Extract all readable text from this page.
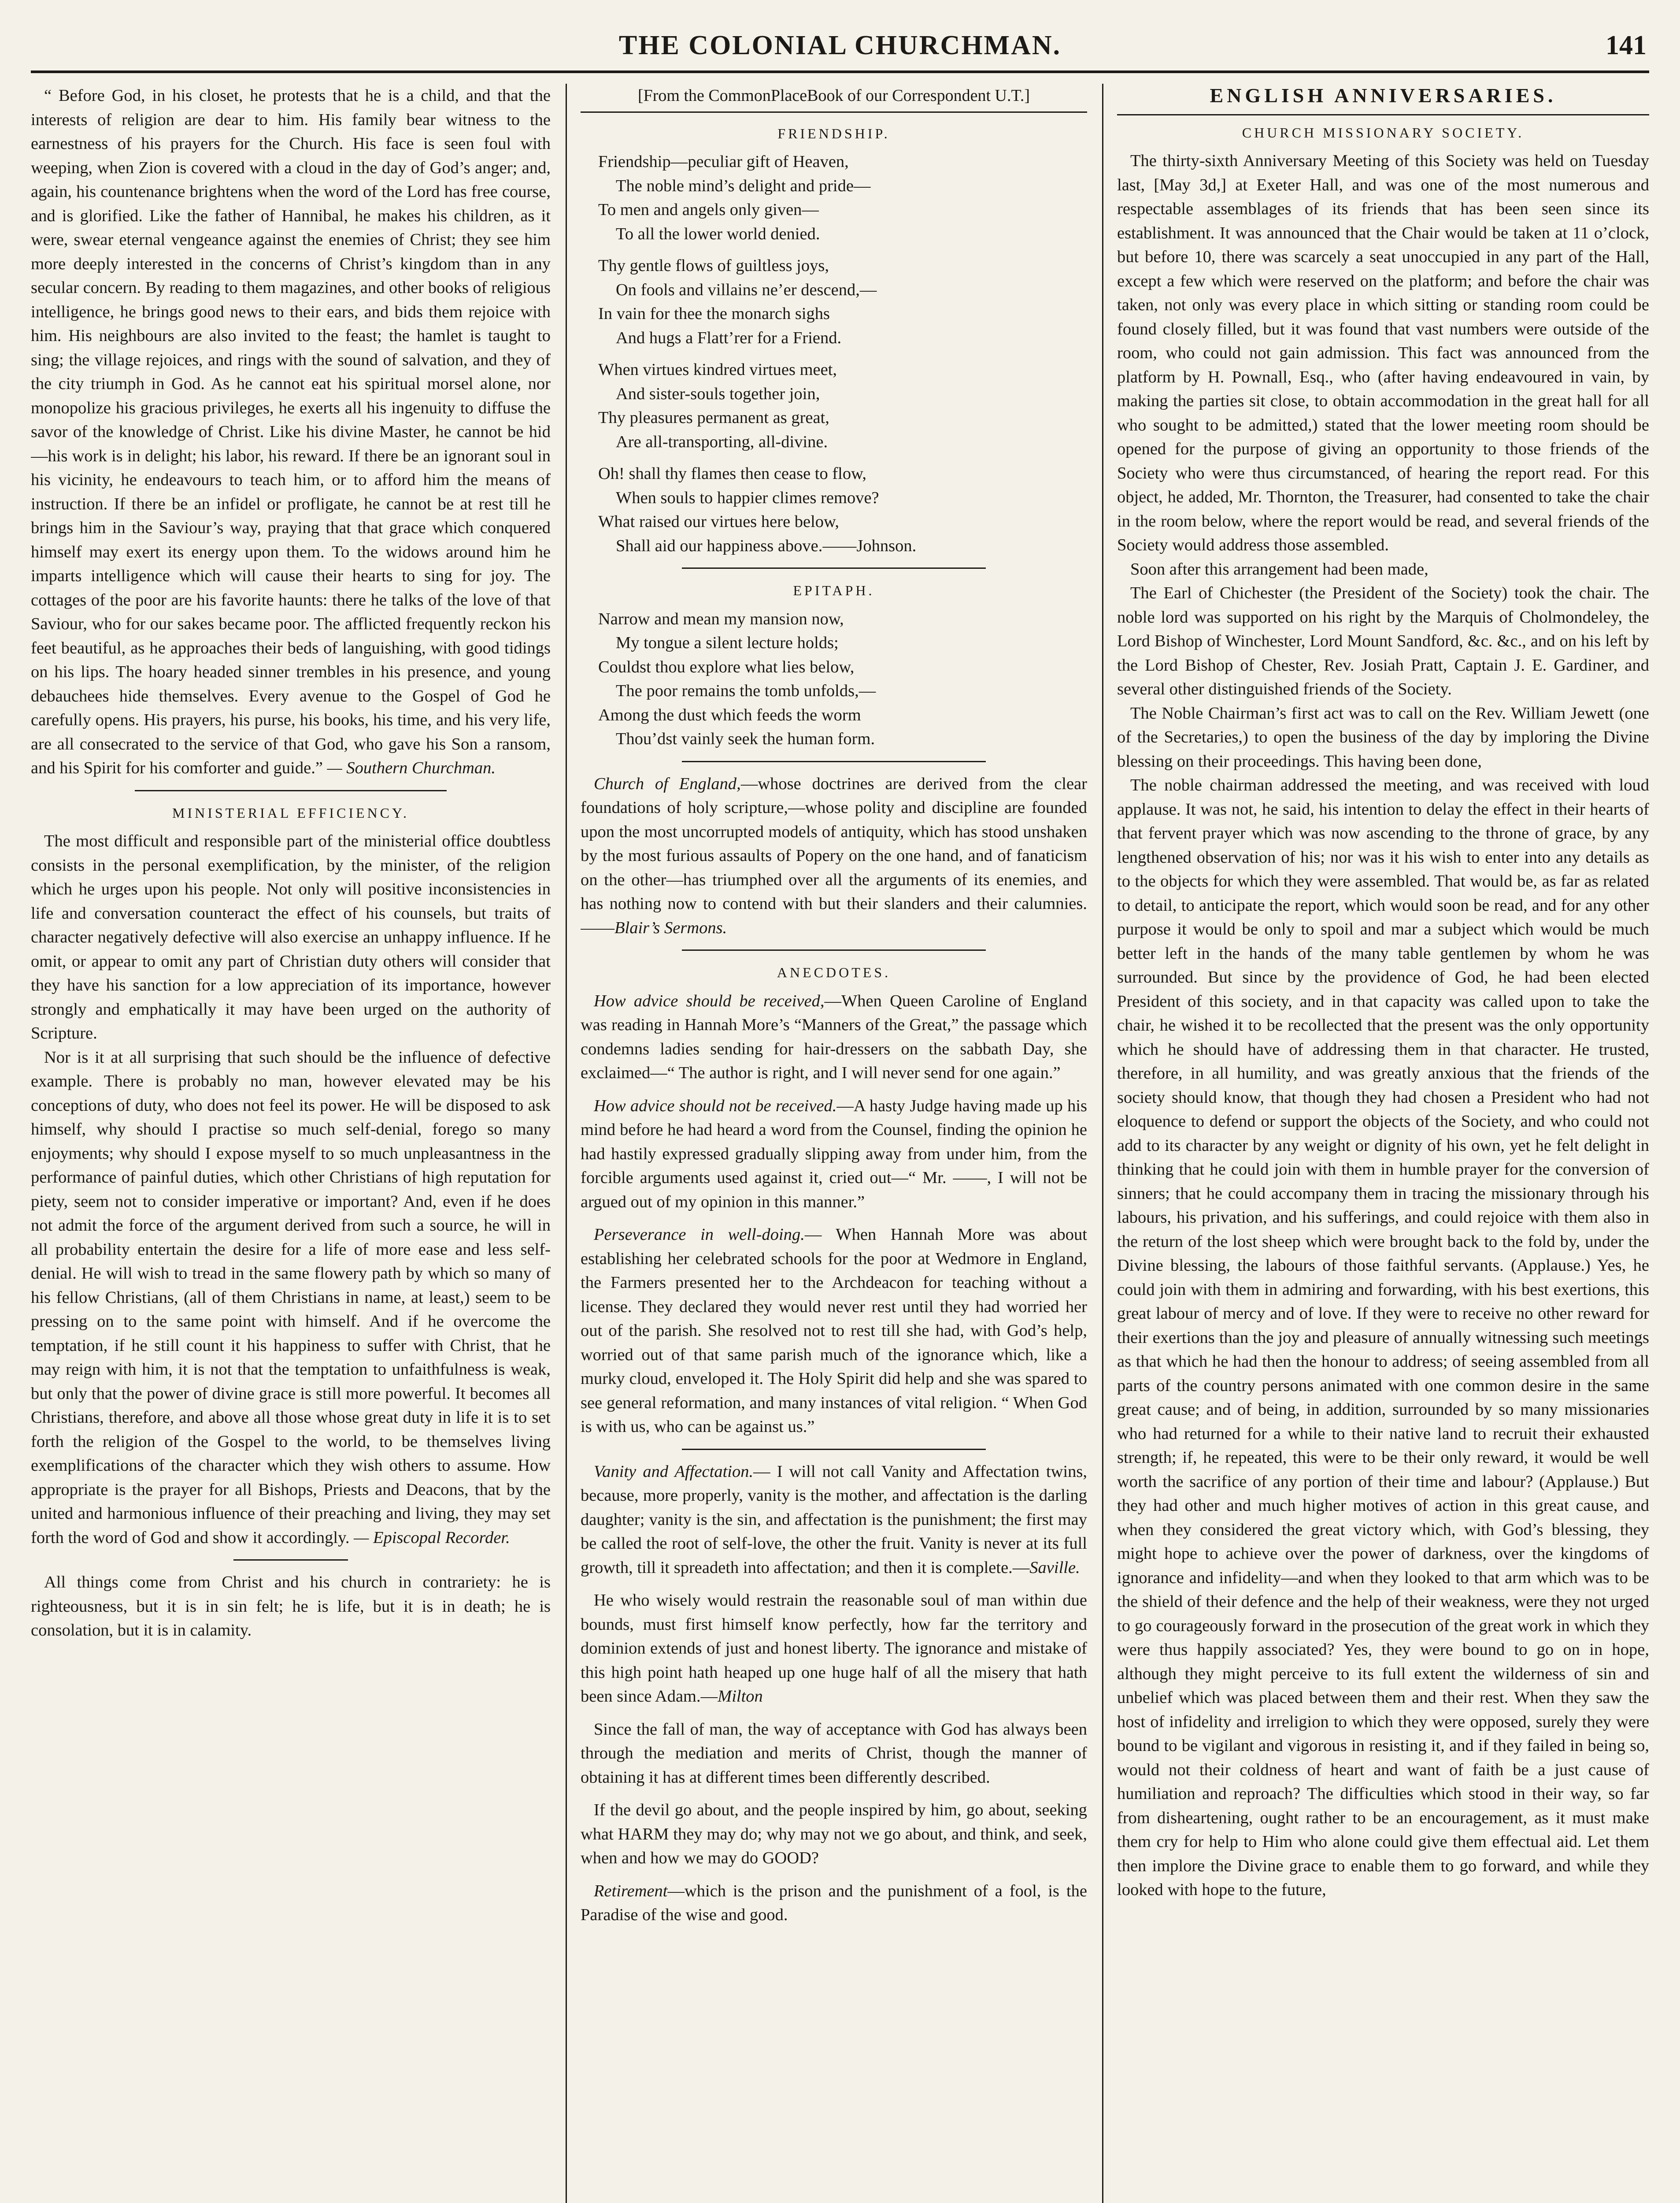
THE COLONIAL CHURCHMAN.	141

“ Before God, in his closet, he protests that he is a child, and that the interests of religion are dear to him. His family bear witness to the earnestness of his prayers for the Church. His face is seen foul with weeping, when Zion is covered with a cloud in the day of God’s anger; and, again, his countenance brightens when the word of the Lord has free course, and is glorified. Like the father of Hannibal, he makes his children, as it were, swear eternal vengeance against the enemies of Christ; they see him more deeply interested in the concerns of Christ’s kingdom than in any secular concern. By reading to them magazines, and other books of religious intelligence, he brings good news to their ears, and bids them rejoice with him. His neighbours are also invited to the feast; the hamlet is taught to sing; the village rejoices, and rings with the sound of salvation, and they of the city triumph in God. As he cannot eat his spiritual morsel alone, nor monopolize his gracious privileges, he exerts all his ingenuity to diffuse the savor of the knowledge of Christ. Like his divine Master, he cannot be hid—his work is in delight; his labor, his reward. If there be an ignorant soul in his vicinity, he endeavours to teach him, or to afford him the means of instruction. If there be an infidel or profligate, he cannot be at rest till he brings him in the Saviour’s way, praying that that grace which conquered himself may exert its energy upon them. To the widows around him he imparts intelligence which will cause their hearts to sing for joy. The cottages of the poor are his favorite haunts: there he talks of the love of that Saviour, who for our sakes became poor. The afflicted frequently reckon his feet beautiful, as he approaches their beds of languishing, with good tidings on his lips. The hoary headed sinner trembles in his presence, and young debauchees hide themselves. Every avenue to the Gospel of God he carefully opens. His prayers, his purse, his books, his time, and his very life, are all consecrated to the service of that God, who gave his Son a ransom, and his Spirit for his comforter and guide.” — Southern Churchman.

MINISTERIAL EFFICIENCY.

The most difficult and responsible part of the ministerial office doubtless consists in the personal exemplification, by the minister, of the religion which he urges upon his people. Not only will positive inconsistencies in life and conversation counteract the effect of his counsels, but traits of character negatively defective will also exercise an unhappy influence. If he omit, or appear to omit any part of Christian duty others will consider that they have his sanction for a low appreciation of its importance, however strongly and emphatically it may have been urged on the authority of Scripture.

Nor is it at all surprising that such should be the influence of defective example. There is probably no man, however elevated may be his conceptions of duty, who does not feel its power. He will be disposed to ask himself, why should I practise so much self-denial, forego so many enjoyments; why should I expose myself to so much unpleasantness in the performance of painful duties, which other Christians of high reputation for piety, seem not to consider imperative or important? And, even if he does not admit the force of the argument derived from such a source, he will in all probability entertain the desire for a life of more ease and less self-denial. He will wish to tread in the same flowery path by which so many of his fellow Christians, (all of them Christians in name, at least,) seem to be pressing on to the same point with himself. And if he overcome the temptation, if he still count it his happiness to suffer with Christ, that he may reign with him, it is not that the temptation to unfaithfulness is weak, but only that the power of divine grace is still more powerful. It becomes all Christians, therefore, and above all those whose great duty in life it is to set forth the religion of the Gospel to the world, to be themselves living exemplifications of the character which they wish others to assume. How appropriate is the prayer for all Bishops, Priests and Deacons, that by the united and harmonious influence of their preaching and living, they may set forth the word of God and show it accordingly. — Episcopal Recorder.

All things come from Christ and his church in contrariety: he is righteousness, but it is in sin felt; he is life, but it is in death; he is consolation, but it is in calamity.

[From the CommonPlaceBook of our Correspondent U.T.]
FRIENDSHIP.
Friendship—peculiar gift of Heaven,
The noble mind’s delight and pride—
To men and angels only given—
To all the lower world denied.
Thy gentle flows of guiltless joys,
On fools and villains ne’er descend,—
In vain for thee the monarch sighs
And hugs a Flatt’rer for a Friend.
When virtues kindred virtues meet,
And sister-souls together join,
Thy pleasures permanent as great,
Are all-transporting, all-divine.
Oh! shall thy flames then cease to flow,
When souls to happier climes remove?
What raised our virtues here below,
Shall aid our happiness above.——Johnson.
EPITAPH.
Narrow and mean my mansion now,
My tongue a silent lecture holds;
Couldst thou explore what lies below,
The poor remains the tomb unfolds,—
Among the dust which feeds the worm
Thou’dst vainly seek the human form.

Church of England,—whose doctrines are derived from the clear foundations of holy scripture,—whose polity and discipline are founded upon the most uncorrupted models of antiquity, which has stood unshaken by the most furious assaults of Popery on the one hand, and of fanaticism on the other—has triumphed over all the arguments of its enemies, and has nothing now to contend with but their slanders and their calumnies.——Blair’s Sermons.

ANECDOTES.

How advice should be received,—When Queen Caroline of England was reading in Hannah More’s “Manners of the Great,” the passage which condemns ladies sending for hair-dressers on the sabbath Day, she exclaimed—“ The author is right, and I will never send for one again.”

How advice should not be received.—A hasty Judge having made up his mind before he had heard a word from the Counsel, finding the opinion he had hastily expressed gradually slipping away from under him, from the forcible arguments used against it, cried out—“ Mr. ——, I will not be argued out of my opinion in this manner.”

Perseverance in well-doing.— When Hannah More was about establishing her celebrated schools for the poor at Wedmore in England, the Farmers presented her to the Archdeacon for teaching without a license. They declared they would never rest until they had worried her out of the parish. She resolved not to rest till she had, with God’s help, worried out of that same parish much of the ignorance which, like a murky cloud, enveloped it. The Holy Spirit did help and she was spared to see general reformation, and many instances of vital religion. “ When God is with us, who can be against us.”

Vanity and Affectation.— I will not call Vanity and Affectation twins, because, more properly, vanity is the mother, and affectation is the darling daughter; vanity is the sin, and affectation is the punishment; the first may be called the root of self-love, the other the fruit. Vanity is never at its full growth, till it spreadeth into affectation; and then it is complete.—Saville.

He who wisely would restrain the reasonable soul of man within due bounds, must first himself know perfectly, how far the territory and dominion extends of just and honest liberty. The ignorance and mistake of this high point hath heaped up one huge half of all the misery that hath been since Adam.—Milton

Since the fall of man, the way of acceptance with God has always been through the mediation and merits of Christ, though the manner of obtaining it has at different times been differently described.

If the devil go about, and the people inspired by him, go about, seeking what HARM they may do; why may not we go about, and think, and seek, when and how we may do GOOD?

Retirement—which is the prison and the punishment of a fool, is the Paradise of the wise and good.

ENGLISH ANNIVERSARIES.
CHURCH MISSIONARY SOCIETY.

The thirty-sixth Anniversary Meeting of this Society was held on Tuesday last, [May 3d,] at Exeter Hall, and was one of the most numerous and respectable assemblages of its friends that has been seen since its establishment. It was announced that the Chair would be taken at 11 o’clock, but before 10, there was scarcely a seat unoccupied in any part of the Hall, except a few which were reserved on the platform; and before the chair was taken, not only was every place in which sitting or standing room could be found closely filled, but it was found that vast numbers were outside of the room, who could not gain admission. This fact was announced from the platform by H. Pownall, Esq., who (after having endeavoured in vain, by making the parties sit close, to obtain accommodation in the great hall for all who sought to be admitted,) stated that the lower meeting room should be opened for the purpose of giving an opportunity to those friends of the Society who were thus circumstanced, of hearing the report read. For this object, he added, Mr. Thornton, the Treasurer, had consented to take the chair in the room below, where the report would be read, and several friends of the Society would address those assembled.

Soon after this arrangement had been made,

The Earl of Chichester (the President of the Society) took the chair. The noble lord was supported on his right by the Marquis of Cholmondeley, the Lord Bishop of Winchester, Lord Mount Sandford, &c. &c., and on his left by the Lord Bishop of Chester, Rev. Josiah Pratt, Captain J. E. Gardiner, and several other distinguished friends of the Society.

The Noble Chairman’s first act was to call on the Rev. William Jewett (one of the Secretaries,) to open the business of the day by imploring the Divine blessing on their proceedings. This having been done,

The noble chairman addressed the meeting, and was received with loud applause. It was not, he said, his intention to delay the effect in their hearts of that fervent prayer which was now ascending to the throne of grace, by any lengthened observation of his; nor was it his wish to enter into any details as to the objects for which they were assembled. That would be, as far as related to detail, to anticipate the report, which would soon be read, and for any other purpose it would be only to spoil and mar a subject which would be much better left in the hands of the many table gentlemen by whom he was surrounded. But since by the providence of God, he had been elected President of this society, and in that capacity was called upon to take the chair, he wished it to be recollected that the present was the only opportunity which he should have of addressing them in that character. He trusted, therefore, in all humility, and was greatly anxious that the friends of the society should know, that though they had chosen a President who had not eloquence to defend or support the objects of the Society, and who could not add to its character by any weight or dignity of his own, yet he felt delight in thinking that he could join with them in humble prayer for the conversion of sinners; that he could accompany them in tracing the missionary through his labours, his privation, and his sufferings, and could rejoice with them also in the return of the lost sheep which were brought back to the fold by, under the Divine blessing, the labours of those faithful servants. (Applause.) Yes, he could join with them in admiring and forwarding, with his best exertions, this great labour of mercy and of love. If they were to receive no other reward for their exertions than the joy and pleasure of annually witnessing such meetings as that which he had then the honour to address; of seeing assembled from all parts of the country persons animated with one common desire in the same great cause; and of being, in addition, surrounded by so many missionaries who had returned for a while to their native land to recruit their exhausted strength; if, he repeated, this were to be their only reward, it would be well worth the sacrifice of any portion of their time and labour? (Applause.) But they had other and much higher motives of action in this great cause, and when they considered the great victory which, with God’s blessing, they might hope to achieve over the power of darkness, over the kingdoms of ignorance and infidelity—and when they looked to that arm which was to be the shield of their defence and the help of their weakness, were they not urged to go courageously forward in the prosecution of the great work in which they were thus happily associated? Yes, they were bound to go on in hope, although they might perceive to its full extent the wilderness of sin and unbelief which was placed between them and their rest. When they saw the host of infidelity and irreligion to which they were opposed, surely they were bound to be vigilant and vigorous in resisting it, and if they failed in being so, would not their coldness of heart and want of faith be a just cause of humiliation and reproach? The difficulties which stood in their way, so far from disheartening, ought rather to be an encouragement, as it must make them cry for help to Him who alone could give them effectual aid. Let them then implore the Divine grace to enable them to go forward, and while they looked with hope to the future,
